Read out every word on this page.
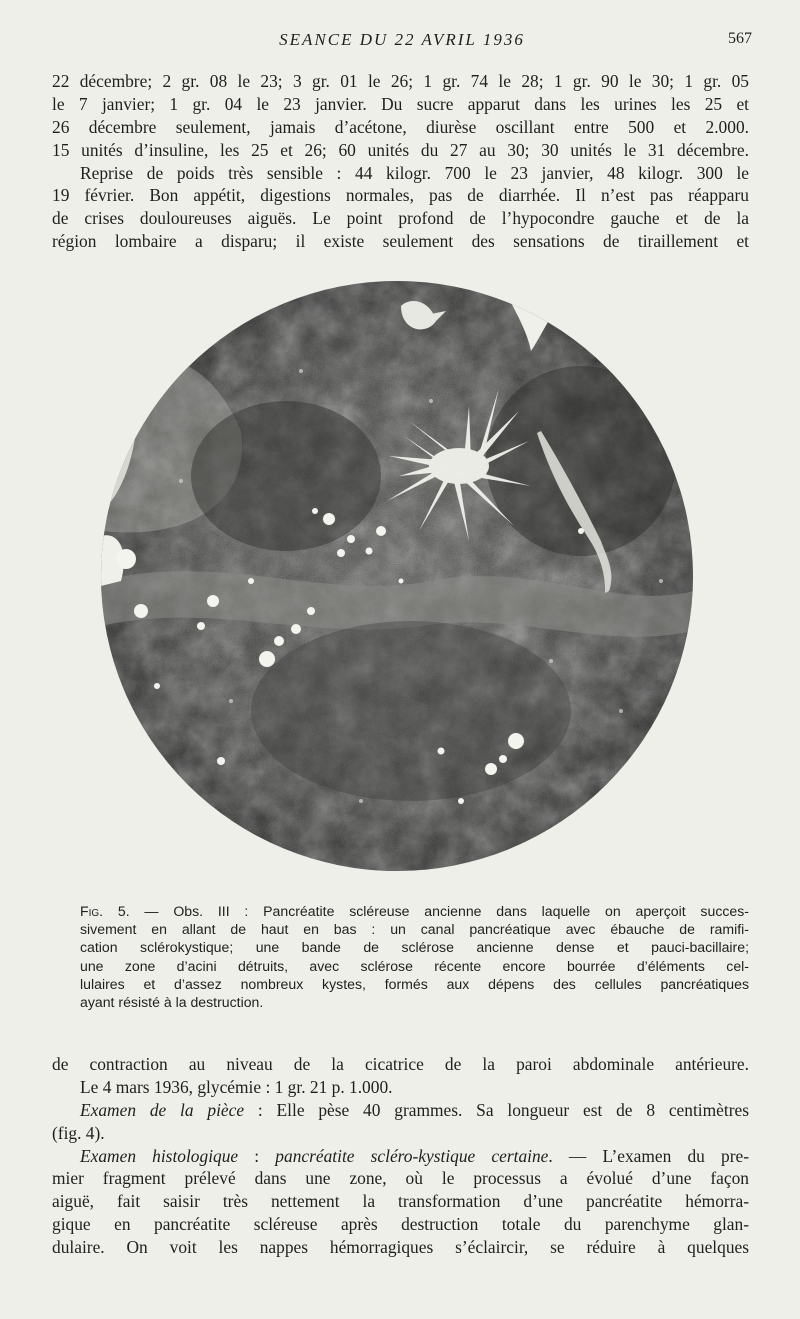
SEANCE DU 22 AVRIL 1936	567
22 décembre; 2 gr. 08 le 23; 3 gr. 01 le 26; 1 gr. 74 le 28; 1 gr. 90 le 30; 1 gr. 05
le 7 janvier; 1 gr. 04 le 23 janvier. Du sucre apparut dans les urines les 25 et
26 décembre seulement, jamais d’acétone, diurèse oscillant entre 500 et 2.000.
15 unités d’insuline, les 25 et 26; 60 unités du 27 au 30; 30 unités le 31 décembre.
Reprise de poids très sensible : 44 kilogr. 700 le 23 janvier, 48 kilogr. 300 le
19 février. Bon appétit, digestions normales, pas de diarrhée. Il n’est pas réapparu
de crises douloureuses aiguës. Le point profond de l’hypocondre gauche et de la
région lombaire a disparu; il existe seulement des sensations de tiraillement et
Fig. 5. — Obs. III : Pancréatite scléreuse ancienne dans laquelle on aperçoit succes-
sivement en allant de haut en bas : un canal pancréatique avec ébauche de ramifi-
cation sclérokystique; une bande de sclérose ancienne dense et pauci-bacillaire;
une zone d’acini détruits, avec sclérose récente encore bourrée d’éléments cel-
lulaires et d’assez nombreux kystes, formés aux dépens des cellules pancréatiques
ayant résisté à la destruction.
de contraction au niveau de la cicatrice de la paroi abdominale antérieure.
Le 4 mars 1936, glycémie : 1 gr. 21 p. 1.000.
Examen de la pièce : Elle pèse 40 grammes. Sa longueur est de 8 centimètres
(fig. 4).
Examen histologique : pancréatite scléro-kystique certaine. — L’examen du pre-
mier fragment prélevé dans une zone, où le processus a évolué d’une façon
aiguë, fait saisir très nettement la transformation d’une pancréatite hémorra-
gique en pancréatite scléreuse après destruction totale du parenchyme glan-
dulaire. On voit les nappes hémorragiques s’éclaircir, se réduire à quelques
